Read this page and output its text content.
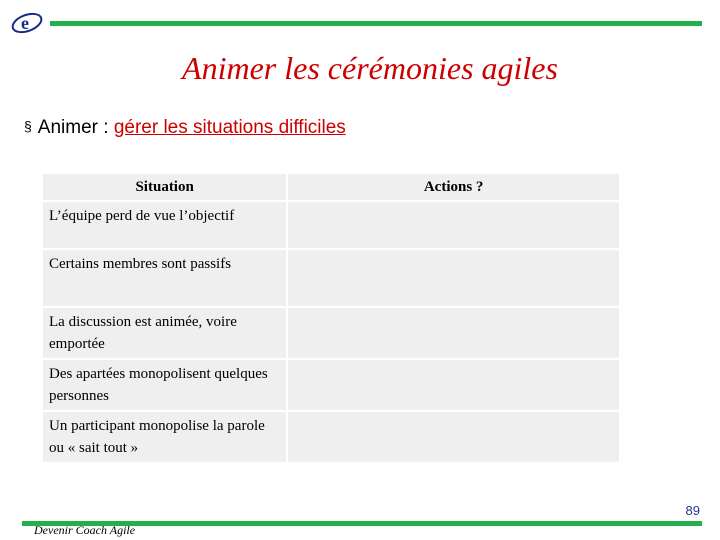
e
Animer les cérémonies agiles
§ Animer : gérer les situations difficiles
Situation	Actions ?
L’équipe perd de vue l’objectif	
Certains membres sont passifs	
La discussion est animée, voire emportée	
Des apartées monopolisent quelques personnes	
Un participant monopolise la parole ou « sait tout »	
89
Devenir Coach Agile
